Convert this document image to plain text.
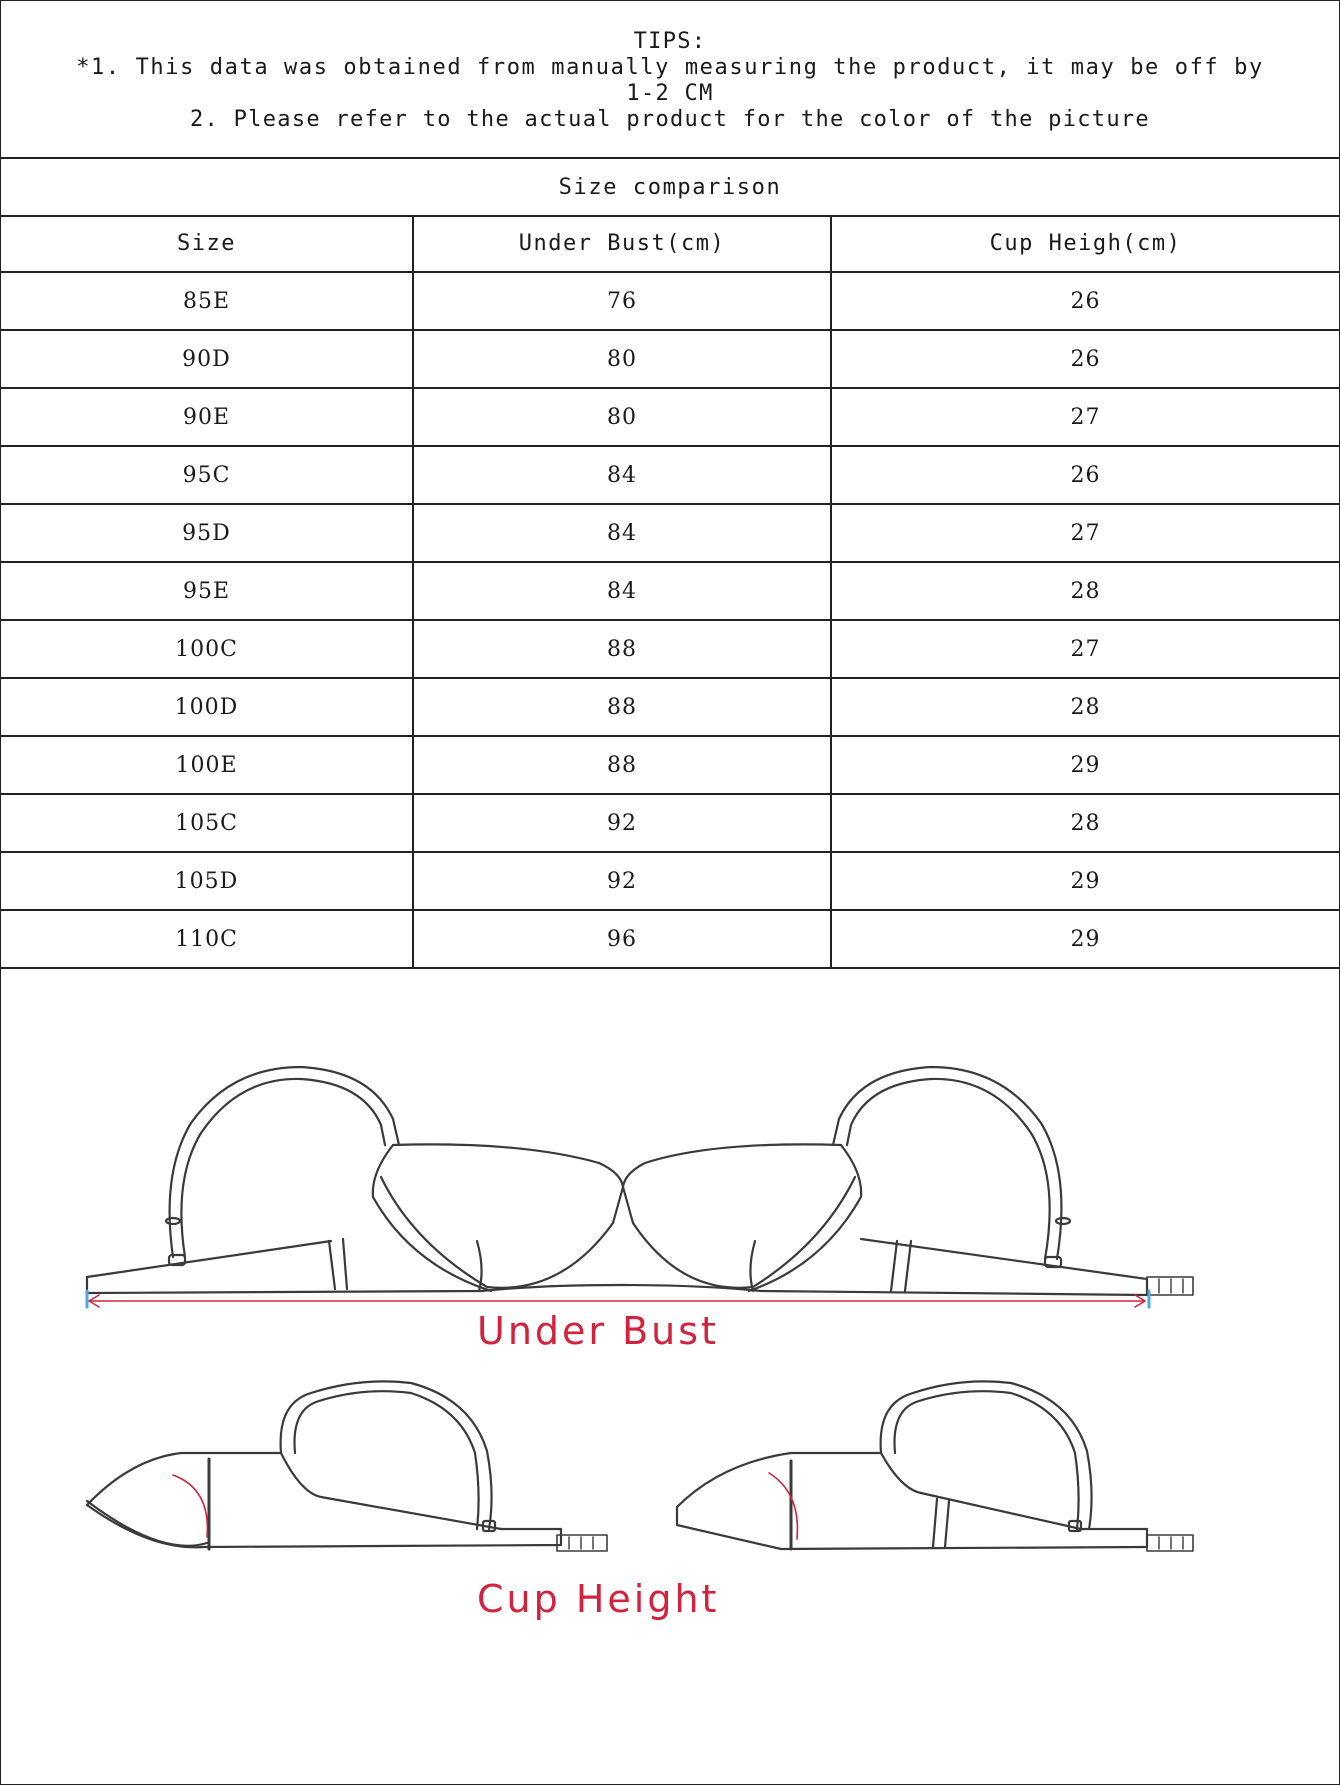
TIPS:
*1. This data was obtained from manually measuring the product, it may be off by
1-2 CM
2. Please refer to the actual product for the color of the picture
Size comparison
Size	Under Bust(cm)	Cup Heigh(cm)
85E	76	26
90D	80	26
90E	80	27
95C	84	26
95D	84	27
95E	84	28
100C	88	27
100D	88	28
100E	88	29
105C	92	28
105D	92	29
110C	96	29
Under Bust
Cup Height
